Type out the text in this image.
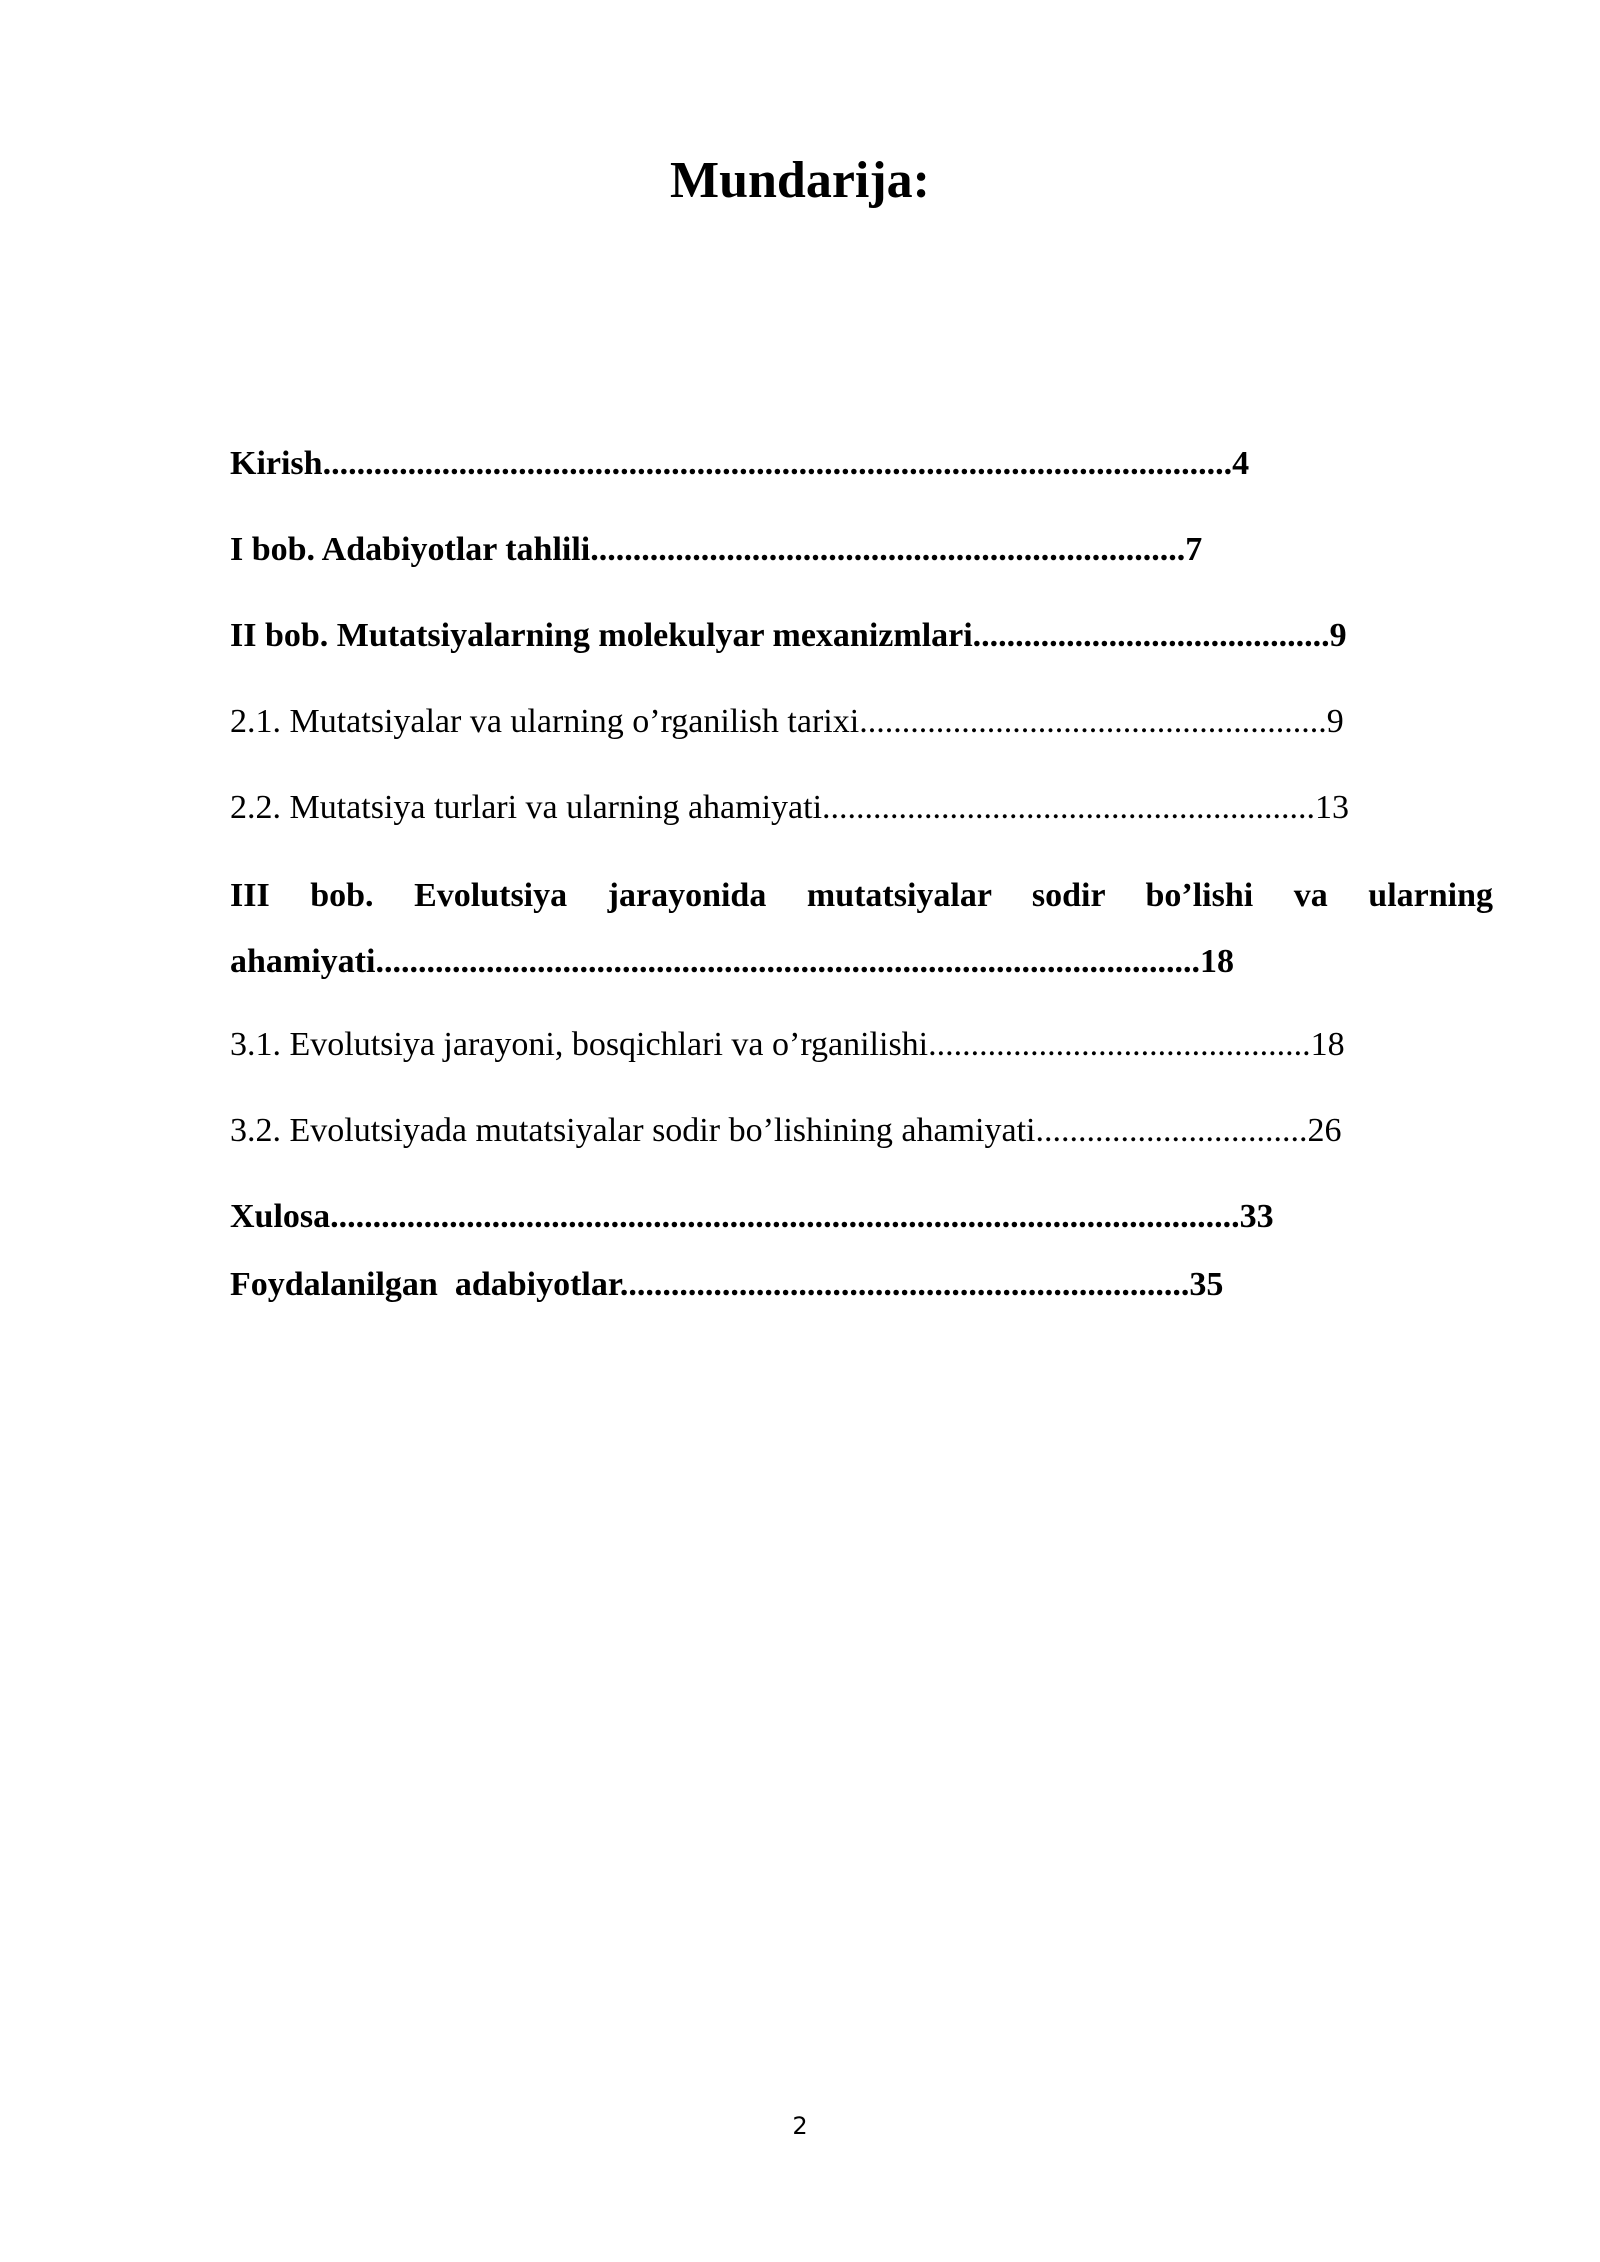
Mundarija:
Kirish...........................................................................................................4
I bob. Adabiyotlar tahlili......................................................................7
II bob. Mutatsiyalarning molekulyar mexanizmlari..........................................9
2.1. Mutatsiyalar va ularning o’rganilish tarixi.......................................................9
2.2. Mutatsiya turlari va ularning ahamiyati..........................................................13
III bob. Evolutsiya jarayonida mutatsiyalar sodir bo’lishi va ularning
ahamiyati.................................................................................................18
3.1. Evolutsiya jarayoni, bosqichlari va o’rganilishi.............................................18
3.2. Evolutsiyada mutatsiyalar sodir bo’lishining ahamiyati................................26
Xulosa...........................................................................................................33
Foydalanilgan  adabiyotlar...................................................................35
2
